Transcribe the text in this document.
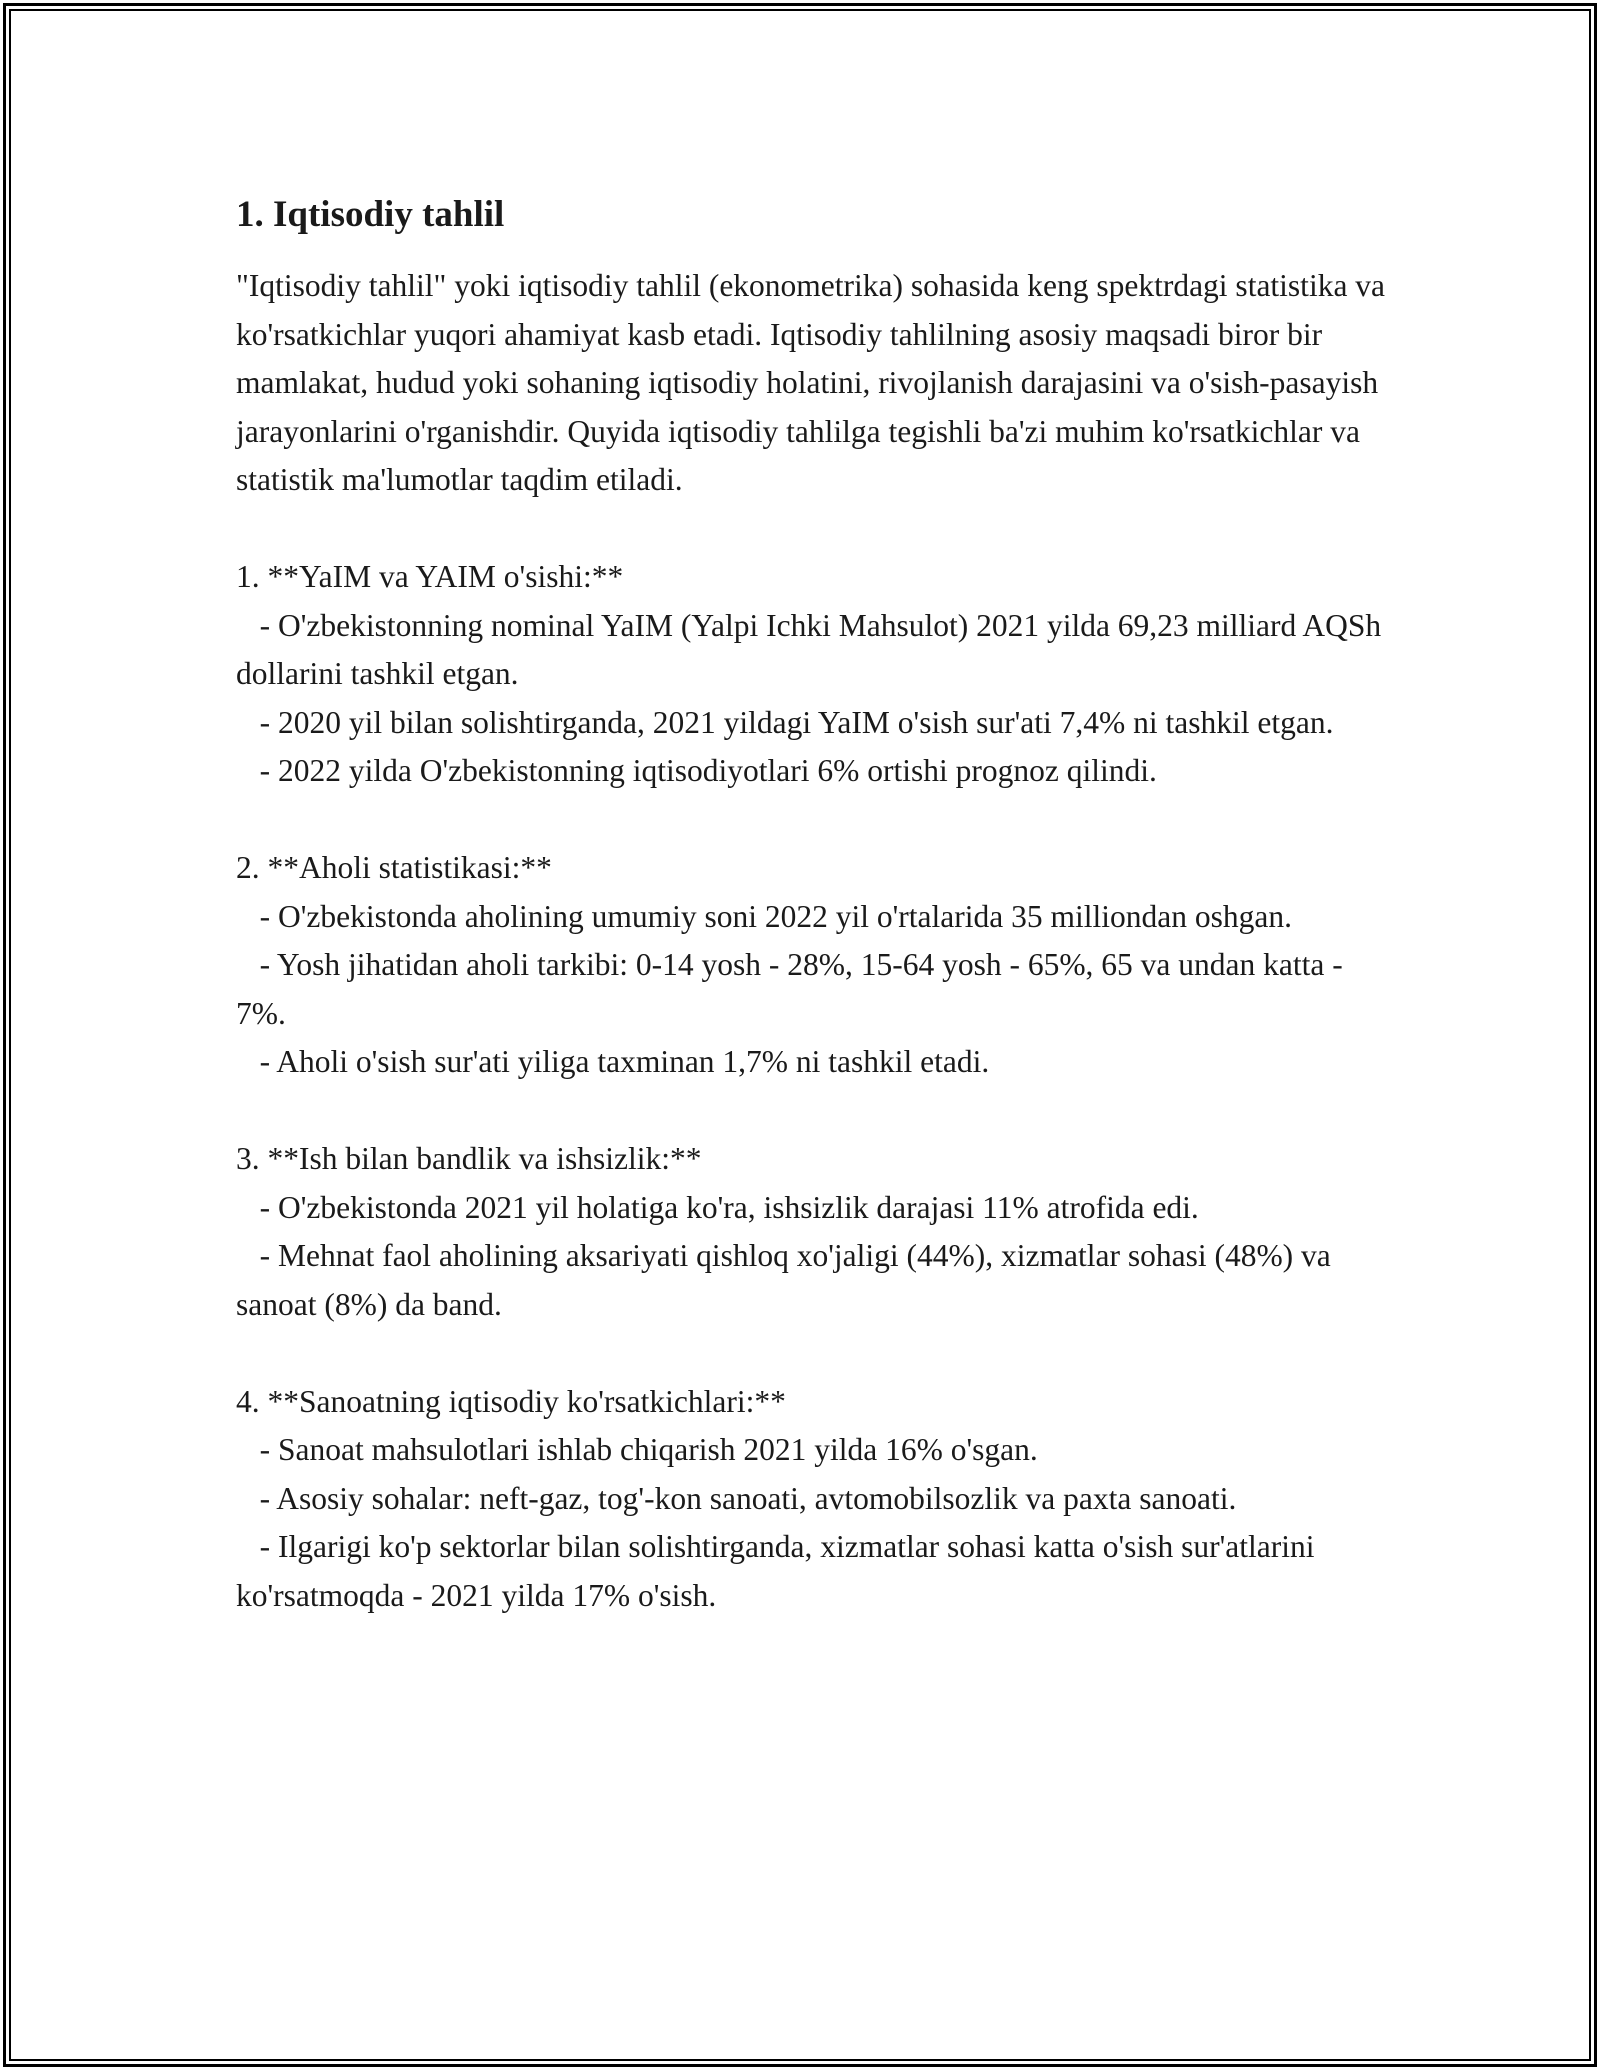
1. Iqtisodiy tahlil

"Iqtisodiy tahlil" yoki iqtisodiy tahlil (ekonometrika) sohasida keng spektrdagi statistika va ko'rsatkichlar yuqori ahamiyat kasb etadi. Iqtisodiy tahlilning asosiy maqsadi biror bir mamlakat, hudud yoki sohaning iqtisodiy holatini, rivojlanish darajasini va o'sish-pasayish jarayonlarini o'rganishdir. Quyida iqtisodiy tahlilga tegishli ba'zi muhim ko'rsatkichlar va statistik ma'lumotlar taqdim etiladi.

1. **YaIM va YAIM o'sishi:**

- O'zbekistonning nominal YaIM (Yalpi Ichki Mahsulot) 2021 yilda 69,23 milliard AQSh dollarini tashkil etgan.

- 2020 yil bilan solishtirganda, 2021 yildagi YaIM o'sish sur'ati 7,4% ni tashkil etgan.

- 2022 yilda O'zbekistonning iqtisodiyotlari 6% ortishi prognoz qilindi.

2. **Aholi statistikasi:**

- O'zbekistonda aholining umumiy soni 2022 yil o'rtalarida 35 milliondan oshgan.

- Yosh jihatidan aholi tarkibi: 0-14 yosh - 28%, 15-64 yosh - 65%, 65 va undan katta - 7%.

- Aholi o'sish sur'ati yiliga taxminan 1,7% ni tashkil etadi.

3. **Ish bilan bandlik va ishsizlik:**

- O'zbekistonda 2021 yil holatiga ko'ra, ishsizlik darajasi 11% atrofida edi.

- Mehnat faol aholining aksariyati qishloq xo'jaligi (44%), xizmatlar sohasi (48%) va sanoat (8%) da band.

4. **Sanoatning iqtisodiy ko'rsatkichlari:**

- Sanoat mahsulotlari ishlab chiqarish 2021 yilda 16% o'sgan.

- Asosiy sohalar: neft-gaz, tog'-kon sanoati, avtomobilsozlik va paxta sanoati.

- Ilgarigi ko'p sektorlar bilan solishtirganda, xizmatlar sohasi katta o'sish sur'atlarini ko'rsatmoqda - 2021 yilda 17% o'sish.
